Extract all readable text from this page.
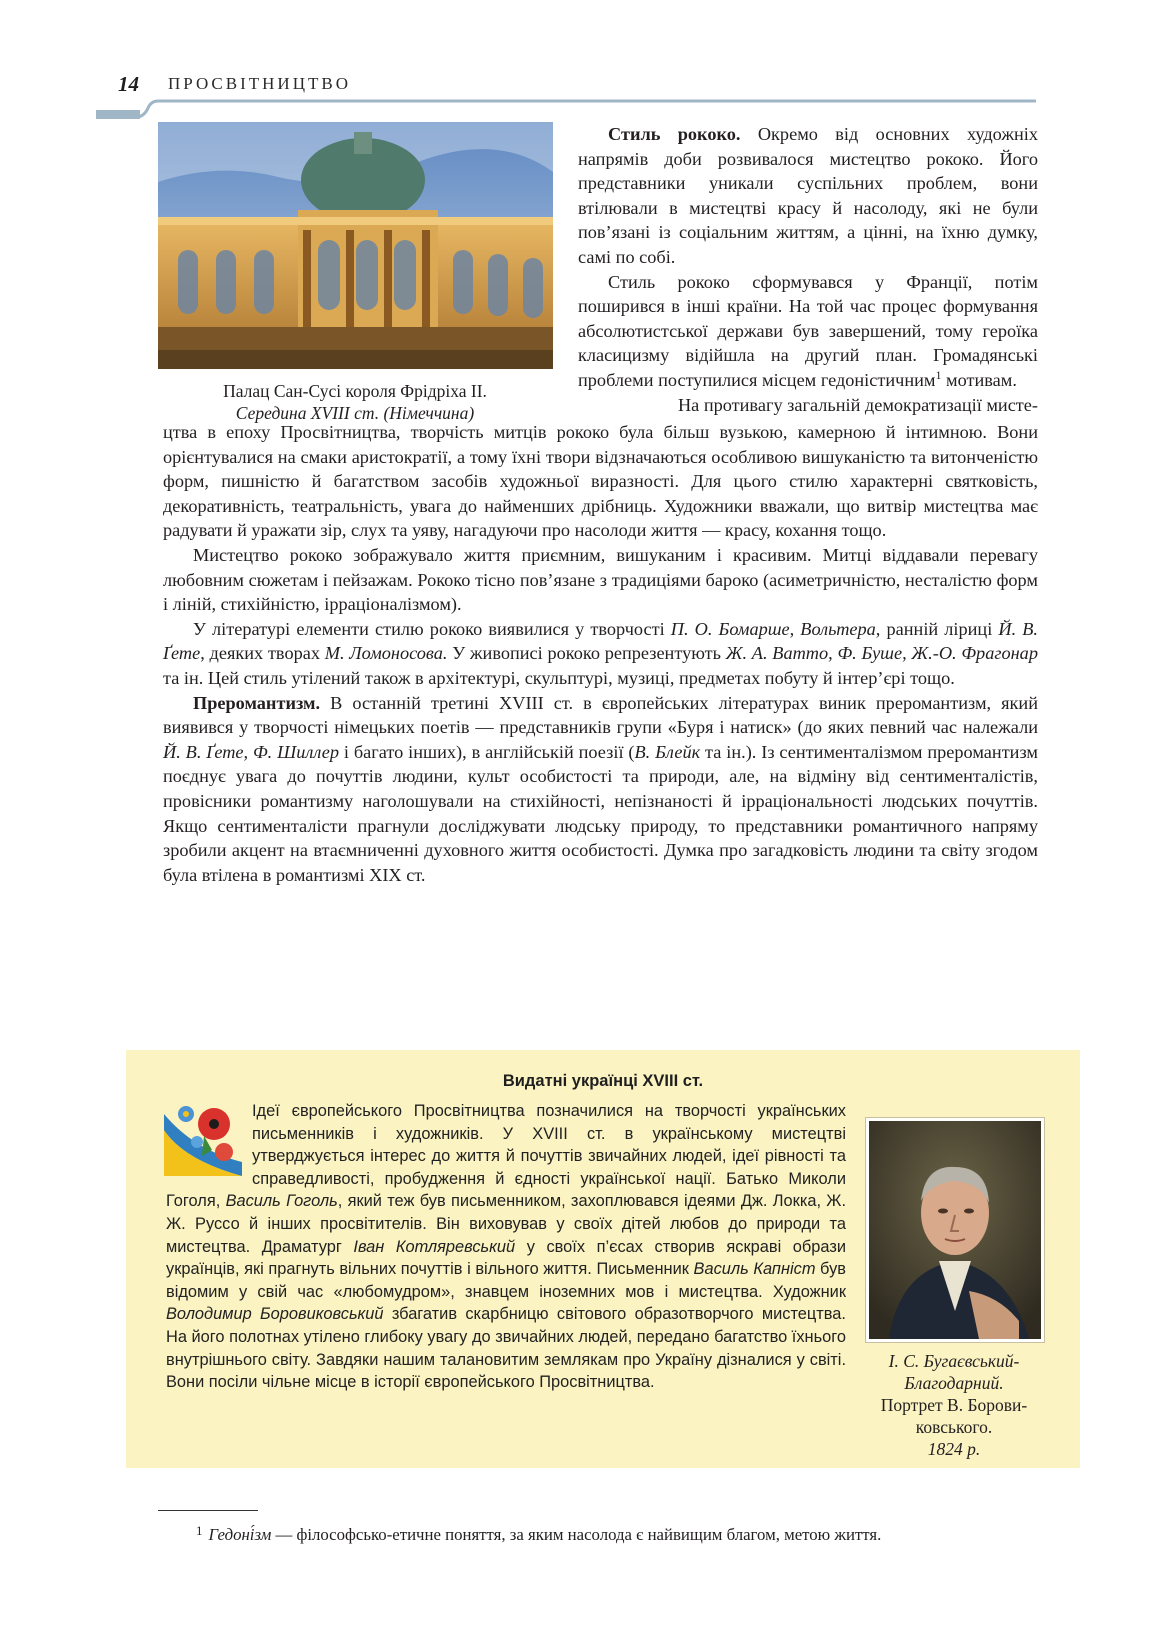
14 ПРОСВІТНИЦТВО
Палац Сан-Сусі короля Фрідріха ІІ.
Середина XVIII ст. (Німеччина)

Стиль рококо. Окремо від основних художніх напрямів доби розвивалося мистецтво рококо. Його представники уникали суспільних проблем, вони втілювали в мистецтві красу й насолоду, які не були пов’язані із соціальним життям, а цінні, на їхню думку, самі по собі.

Стиль рококо сформувався у Франції, потім поширився в інші країни. На той час процес формування абсолютистської держави був завершений, тому героїка класицизму відійшла на другий план. Громадянські проблеми поступилися місцем гедоністичним$^1$ мотивам.

На противагу загальній демократизації мисте-

цтва в епоху Просвітництва, творчість митців рококо була більш вузькою, камерною й інтимною. Вони орієнтувалися на смаки аристократії, а тому їхні твори відзначаються особливою вишуканістю та витонченістю форм, пишністю й багатством засобів художньої виразності. Для цього стилю характерні святковість, декоративність, театральність, увага до найменших дрібниць. Художники вважали, що витвір мистецтва має радувати й уражати зір, слух та уяву, нагадуючи про насолоди життя — красу, кохання тощо.

Мистецтво рококо зображувало життя приємним, вишуканим і красивим. Митці віддавали перевагу любовним сюжетам і пейзажам. Рококо тісно пов’язане з традиціями бароко (асиметричністю, несталістю форм і ліній, стихійністю, ірраціоналізмом).

У літературі елементи стилю рококо виявилися у творчості П. О. Бомарше, Вольтера, ранній ліриці Й. В. Ґете, деяких творах М. Ломоносова. У живописі рококо репрезентують Ж. А. Ватто, Ф. Буше, Ж.-О. Фрагонар та ін. Цей стиль утілений також в архітектурі, скульптурі, музиці, предметах побуту й інтер’єрі тощо.

Преромантизм. В останній третині XVIII ст. в європейських літературах виник преромантизм, який виявився у творчості німецьких поетів — представників групи «Буря і натиск» (до яких певний час належали Й. В. Ґете, Ф. Шиллер і багато інших), в англійській поезії (В. Блейк та ін.). Із сентименталізмом преромантизм поєднує увага до почуттів людини, культ особистості та природи, але, на відміну від сентименталістів, провісники романтизму наголошували на стихійності, непізнаності й ірраціональності людських почуттів. Якщо сентименталісти прагнули досліджувати людську природу, то представники романтичного напряму зробили акцент на втаємниченні духовного життя особистості. Думка про загадковість людини та світу згодом була втілена в романтизмі XIX ст.

Видатні українці XVIII ст.
Ідеї європейського Просвітництва позначилися на творчості українських письменників і художників. У XVIII ст. в українському мистецтві утверджується інтерес до життя й почуттів звичайних людей, ідеї рівності та справедливості, пробудження й єдності української нації. Батько Миколи Гоголя, Василь Гоголь, який теж був письменником, захоплювався ідеями Дж. Локка, Ж. Ж. Руссо й інших просвітителів. Він виховував у своїх дітей любов до природи та мистецтва. Драматург Іван Котляревський у своїх п’єсах створив яскраві образи українців, які прагнуть вільних почуттів і вільного життя. Письменник Василь Капніст був відомим у свій час «любомудром», знавцем іноземних мов і мистецтва. Художник Володимир Боровиковський збагатив скарбницю світового образотворчого мистецтва. На його полотнах утілено глибоку увагу до звичайних людей, передано багатство їхнього внутрішнього світу. Завдяки нашим талановитим землякам про Україну дізналися у світі. Вони посіли чільне місце в історії європейського Просвітництва.
І. С. Бугаєвський-
Благодарний.
Портрет В. Борови-
ковського.
1824 р.
$^1$ Гедоні́зм — філософсько-етичне поняття, за яким насолода є найвищим благом, метою життя.
